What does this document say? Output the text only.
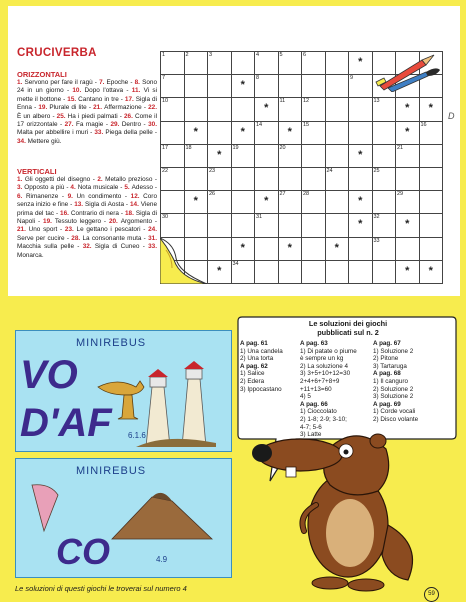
CRUCIVERBA
ORIZZONTALI
1. Servono per fare il ragù - 7. Epoche - 8. Sono 24 in un giorno - 10. Dopo l'ottava - 11. Vi si mette il bottone - 15. Cantano in tre - 17. Sigla di Enna - 19. Plurale di lite - 21. Affermazione - 22. È un albero - 25. Ha i piedi palmati - 26. Come il 17 orizzontale - 27. Fa magie - 29. Dentro - 30. Malta per abbellire i muri - 33. Piega della pelle - 34. Mettere giù.
VERTICALI
1. Gli oggetti del disegno - 2. Metallo prezioso - 3. Opposto a più - 4. Nota musicale - 5. Adesso - 6. Rimanenze - 9. Un condimento - 12. Coro senza inizio e fine - 13. Sigla di Aosta - 14. Viene prima del tac - 16. Contrario di nera - 18. Sigla di Napoli - 19. Tessuto leggero - 20. Argomento - 21. Uno sport - 23. Le gettano i pescatori - 24. Serve per cucire - 28. La consonante muta - 31. Macchia sulla pelle - 32. Sigla di Cuneo - 33. Monarca.
1	2	3	4	5	6
*
7
*
8	9
10
*
11	12	13
*	*
*	*
14
*
15
*
16
17	18
*
19	20
*
21
22	23	24	25
*
26
*
27	28
*
29
30	31
*
32
*
*	*	*
33
*
34
*	*
D
Le soluzioni dei giochi
pubblicati sul n. 2
A pag. 61
1) Una candela
2) Una torta
A pag. 62
1) Salice
2) Edera
3) Ippocastano
A pag. 63
1) Di patate o piume
è sempre un kg
2) La soluzione 4
3) 3+5+10+12=30
2+4+6+7+8+9
+11+13=60
4) 5
A pag. 66
1) Cioccolato
2) 1-8; 2-9; 3-10;
4-7; 5-6
3) Latte
A pag. 67
1) Soluzione 2
2) Pitone
3) Tartaruga
A pag. 68
1) Il canguro
2) Soluzione 2
3) Soluzione 2
A pag. 69
1) Corde vocali
2) Disco volante
MINIREBUS
VO
D'AF 6.1.6
MINIREBUS
CO	4.9
Le soluzioni di questi giochi le troverai sul numero 4
59
